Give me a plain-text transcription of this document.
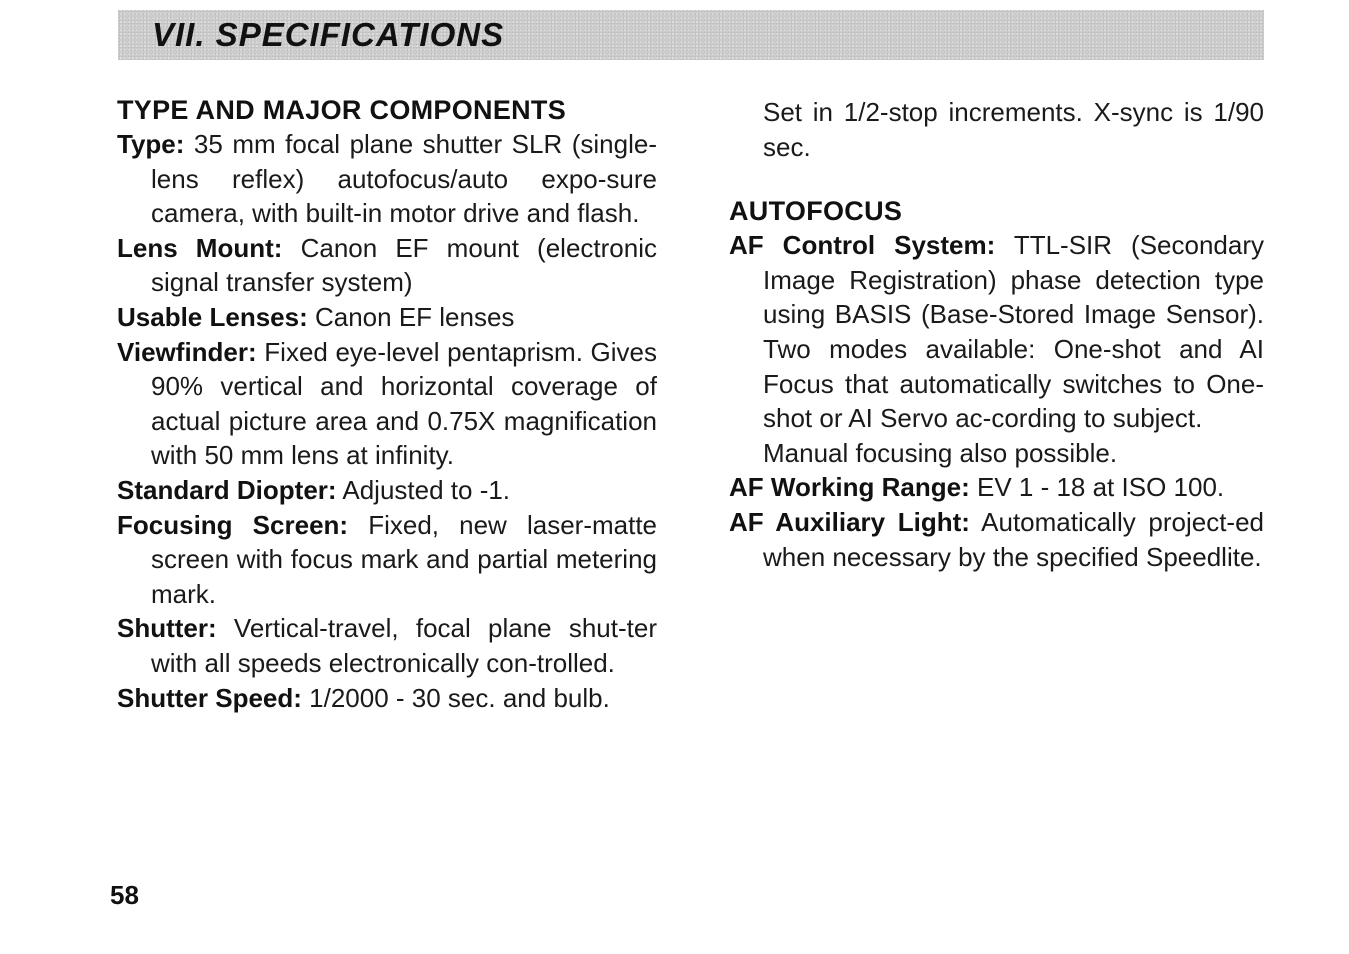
VII. SPECIFICATIONS
TYPE AND MAJOR COMPONENTS

Type: 35 mm focal plane shutter SLR (single-lens reflex) autofocus/auto expo-sure camera, with built-in motor drive and flash.

Lens Mount: Canon EF mount (electronic signal transfer system)

Usable Lenses: Canon EF lenses

Viewfinder: Fixed eye-level pentaprism. Gives 90% vertical and horizontal coverage of actual picture area and 0.75X magnification with 50 mm lens at infinity.

Standard Diopter: Adjusted to -1.

Focusing Screen: Fixed, new laser-matte screen with focus mark and partial metering mark.

Shutter: Vertical-travel, focal plane shut-ter with all speeds electronically con-trolled.

Shutter Speed: 1/2000 - 30 sec. and bulb.

Set in 1/2-stop increments. X-sync is 1/90 sec.

AUTOFOCUS

AF Control System: TTL-SIR (Secondary Image Registration) phase detection type using BASIS (Base-Stored Image Sensor). Two modes available: One-shot and AI Focus that automatically switches to One-shot or AI Servo ac-cording to subject.

Manual focusing also possible.

AF Working Range: EV 1 - 18 at ISO 100.

AF Auxiliary Light: Automatically project-ed when necessary by the specified Speedlite.

58
